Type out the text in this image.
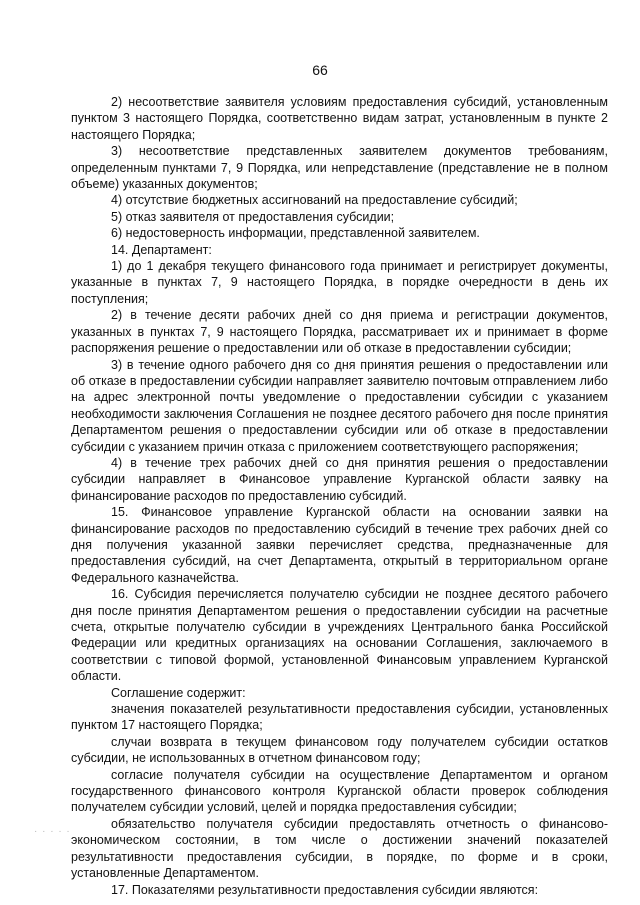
66

2) несоответствие заявителя условиям предоставления субсидий, установленным пунктом 3 настоящего Порядка, соответственно видам затрат, установленным в пункте 2 настоящего Порядка;

3) несоответствие представленных заявителем документов требованиям, определенным пунктами 7, 9 Порядка, или непредставление (представление не в полном объеме) указанных документов;

4) отсутствие бюджетных ассигнований на предоставление субсидий;

5) отказ заявителя от предоставления субсидии;

6) недостоверность информации, представленной заявителем.

14. Департамент:

1) до 1 декабря текущего финансового года принимает и регистрирует документы, указанные в пунктах 7, 9 настоящего Порядка, в порядке очередности в день их поступления;

2) в течение десяти рабочих дней со дня приема и регистрации документов, указанных в пунктах 7, 9 настоящего Порядка, рассматривает их и принимает в форме распоряжения решение о предоставлении или об отказе в предоставлении субсидии;

3) в течение одного рабочего дня со дня принятия решения о предоставлении или об отказе в предоставлении субсидии направляет заявителю почтовым отправлением либо на адрес электронной почты уведомление о предоставлении субсидии с указанием необходимости заключения Соглашения не позднее десятого рабочего дня после принятия Департаментом решения о предоставлении субсидии или об отказе в предоставлении субсидии с указанием причин отказа с приложением соответствующего распоряжения;

4) в течение трех рабочих дней со дня принятия решения о предоставлении субсидии направляет в Финансовое управление Курганской области заявку на финансирование расходов по предоставлению субсидий.

15. Финансовое управление Курганской области на основании заявки на финансирование расходов по предоставлению субсидий в течение трех рабочих дней со дня получения указанной заявки перечисляет средства, предназначенные для предоставления субсидий, на счет Департамента, открытый в территориальном органе Федерального казначейства.

16. Субсидия перечисляется получателю субсидии не позднее десятого рабочего дня после принятия Департаментом решения о предоставлении субсидии на расчетные счета, открытые получателю субсидии в учреждениях Центрального банка Российской Федерации или кредитных организациях на основании Соглашения, заключаемого в соответствии с типовой формой, установленной Финансовым управлением Курганской области.

Соглашение содержит:

значения показателей результативности предоставления субсидии, установленных пунктом 17 настоящего Порядка;

случаи возврата в текущем финансовом году получателем субсидии остатков субсидии, не использованных в отчетном финансовом году;

согласие получателя субсидии на осуществление Департаментом и органом государственного финансового контроля Курганской области проверок соблюдения получателем субсидии условий, целей и порядка предоставления субсидии;

обязательство получателя субсидии предоставлять отчетность о финансово-экономическом состоянии, в том числе о достижении значений показателей результативности предоставления субсидии, в порядке, по форме и в сроки, установленные Департаментом.

17. Показателями результативности предоставления субсидии являются:

· · · · ·
